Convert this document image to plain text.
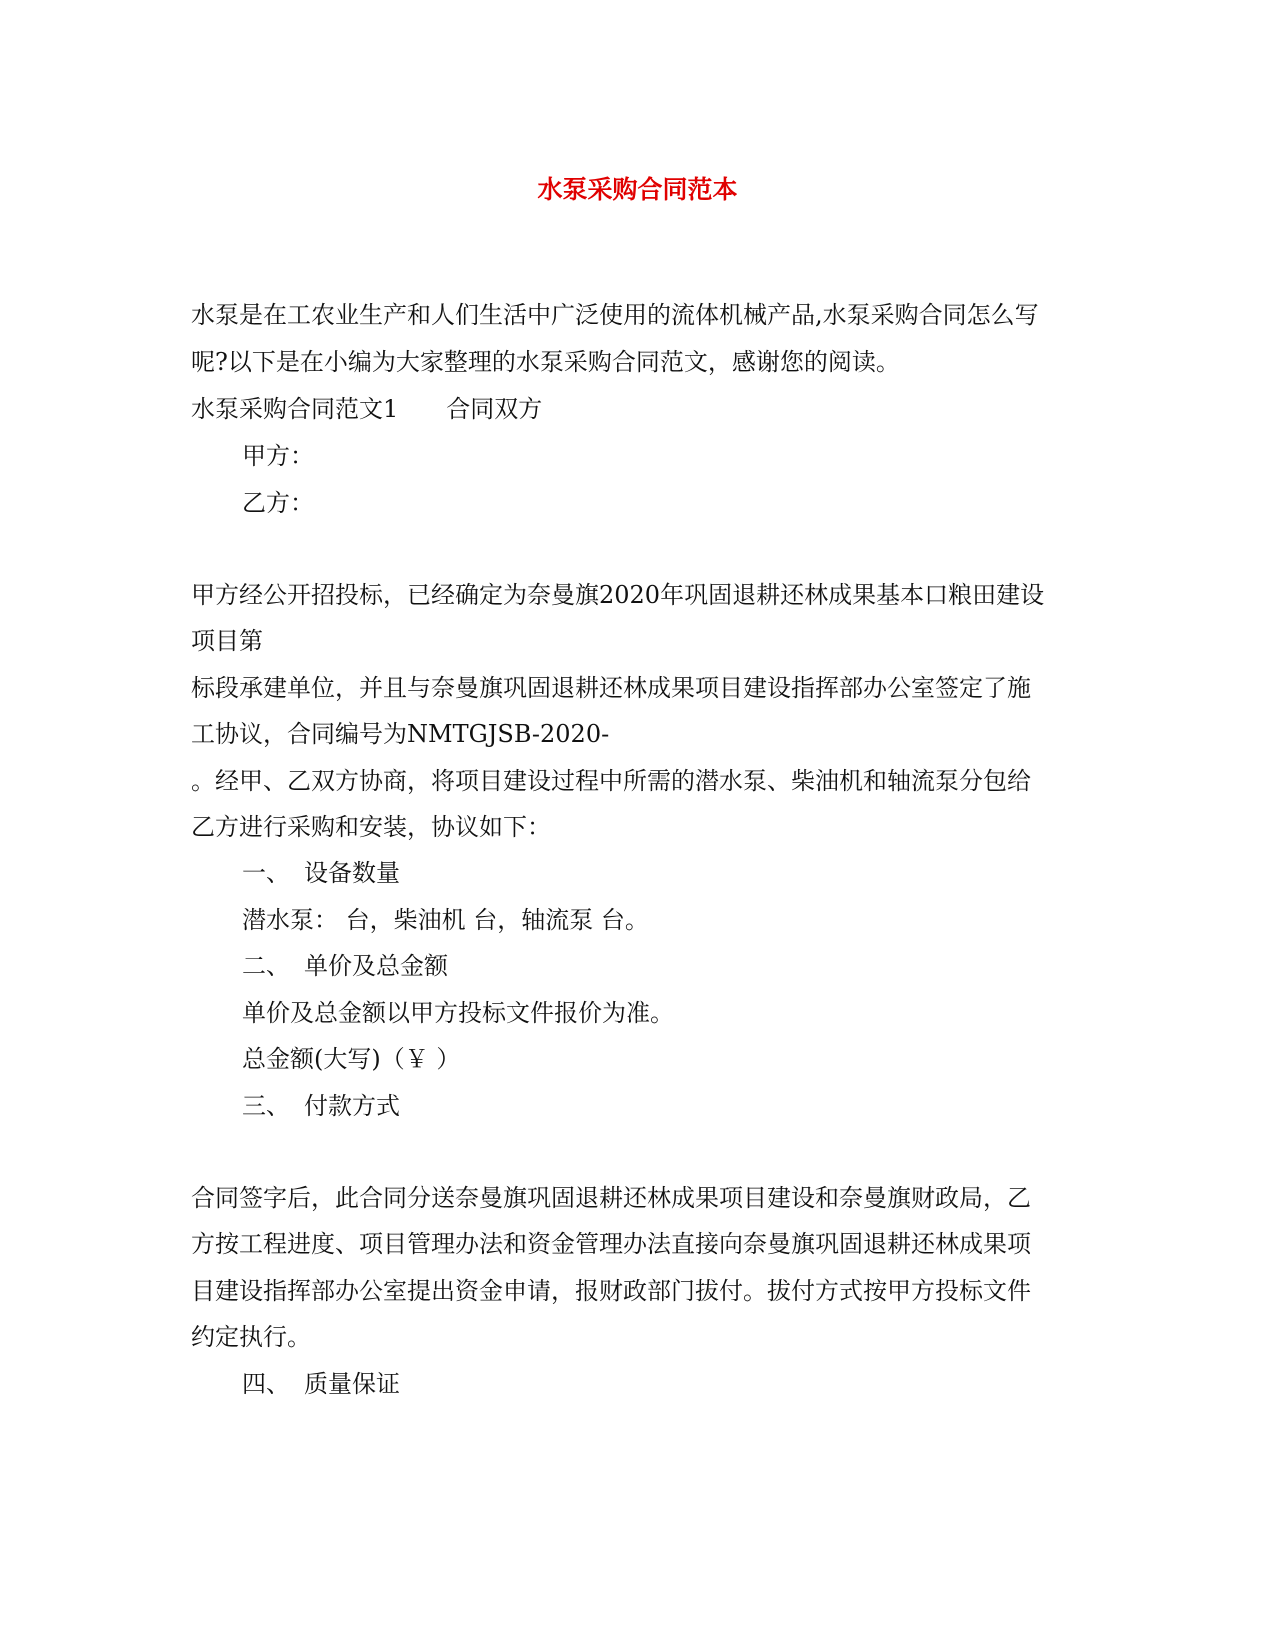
水泵采购合同范本
水泵是在工农业生产和人们生活中广泛使用的流体机械产品,水泵采购合同怎么写
呢?以下是在小编为大家整理的水泵采购合同范文，感谢您的阅读。
水泵采购合同范文1 合同双方
甲方：
乙方：
甲方经公开招投标，已经确定为奈曼旗2020年巩固退耕还林成果基本口粮田建设
项目第
标段承建单位，并且与奈曼旗巩固退耕还林成果项目建设指挥部办公室签定了施
工协议，合同编号为NMTGJSB-2020-
。经甲、乙双方协商，将项目建设过程中所需的潜水泵、柴油机和轴流泵分包给
乙方进行采购和安装，协议如下：
一、 设备数量
潜水泵： 台，柴油机 台，轴流泵 台。
二、 单价及总金额
单价及总金额以甲方投标文件报价为准。
总金额(大写)（￥ ）
三、 付款方式
合同签字后，此合同分送奈曼旗巩固退耕还林成果项目建设和奈曼旗财政局，乙
方按工程进度、项目管理办法和资金管理办法直接向奈曼旗巩固退耕还林成果项
目建设指挥部办公室提出资金申请，报财政部门拔付。拔付方式按甲方投标文件
约定执行。
四、 质量保证
